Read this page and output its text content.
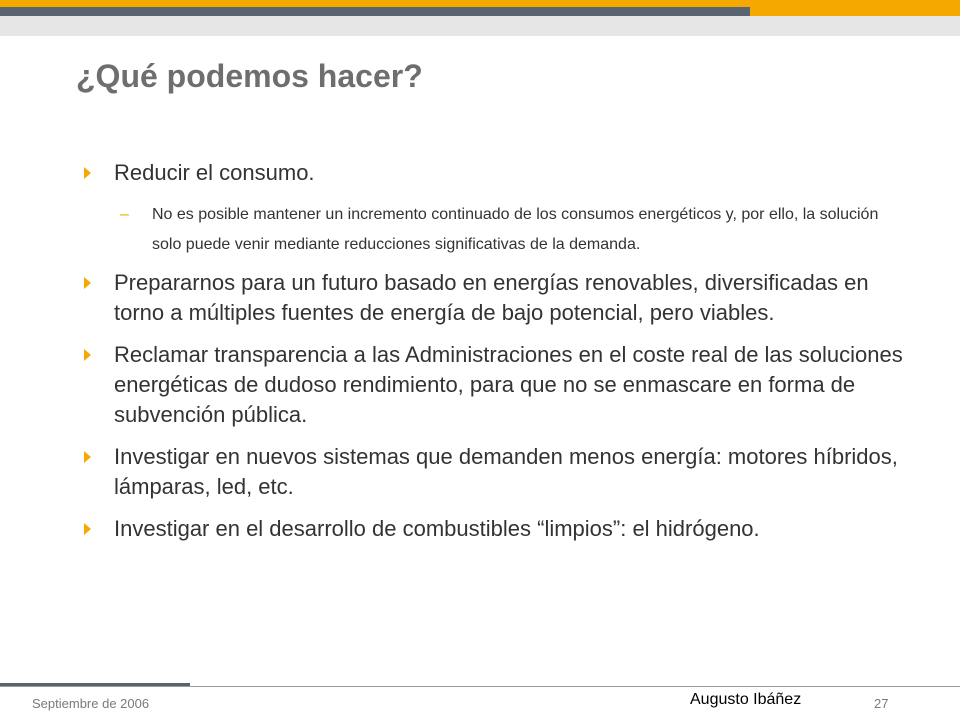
¿Qué podemos hacer?
Reducir el consumo.
– No es posible mantener un incremento continuado de los consumos energéticos y, por ello, la solución solo puede venir mediante reducciones significativas de la demanda.
Prepararnos para un futuro basado en energías renovables, diversificadas en torno a múltiples fuentes de energía de bajo potencial, pero viables.
Reclamar transparencia a las Administraciones en el coste real de las soluciones energéticas de dudoso rendimiento, para que no se enmascare en forma de subvención pública.
Investigar en nuevos sistemas que demanden menos energía: motores híbridos, lámparas, led, etc.
Investigar en el desarrollo de combustibles “limpios”: el hidrógeno.
Septiembre de 2006	Augusto Ibáñez	27
